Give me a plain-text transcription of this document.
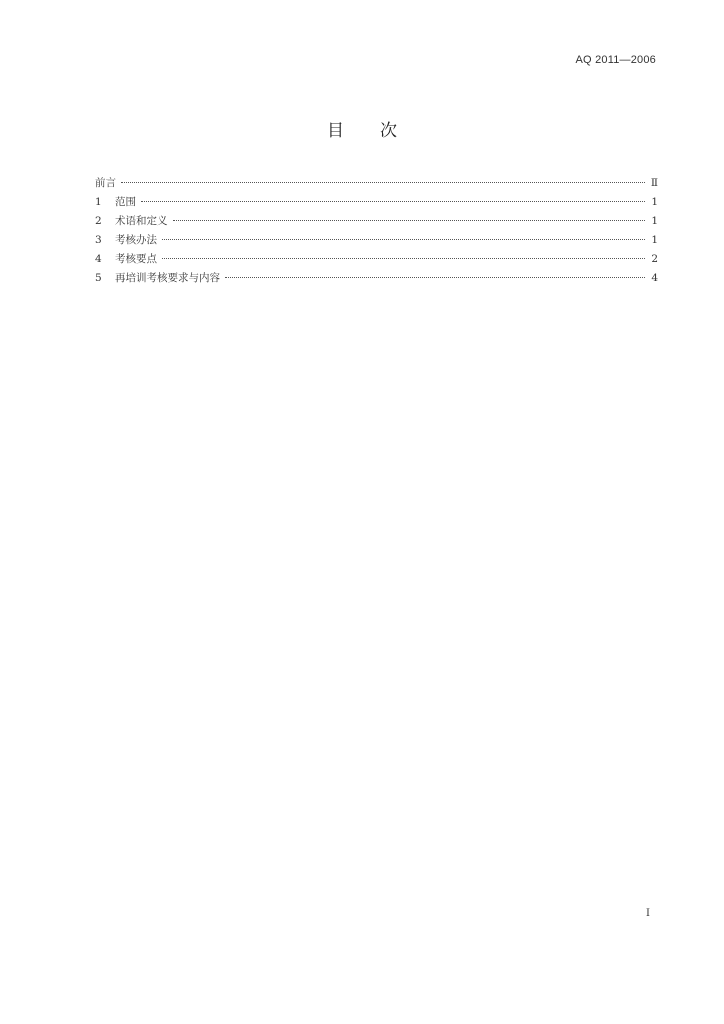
AQ 2011—2006
目 次
前言	Ⅱ
1	范围	1
2	术语和定义	1
3	考核办法	1
4	考核要点	2
5	再培训考核要求与内容	4
Ⅰ
